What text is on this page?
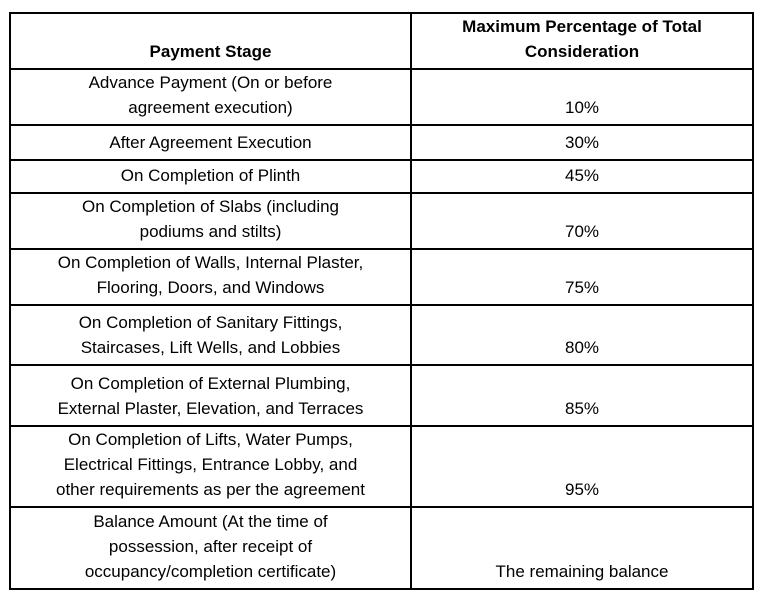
Payment Stage	Maximum Percentage of Total
Consideration

Advance Payment (On or before
agreement execution)	10%

After Agreement Execution	30%

On Completion of Plinth	45%

On Completion of Slabs (including
podiums and stilts)	70%

On Completion of Walls, Internal Plaster,
Flooring, Doors, and Windows	75%

On Completion of Sanitary Fittings,
Staircases, Lift Wells, and Lobbies	80%

On Completion of External Plumbing,
External Plaster, Elevation, and Terraces	85%

On Completion of Lifts, Water Pumps,
Electrical Fittings, Entrance Lobby, and
other requirements as per the agreement	95%

Balance Amount (At the time of
possession, after receipt of
occupancy/completion certificate)	The remaining balance
